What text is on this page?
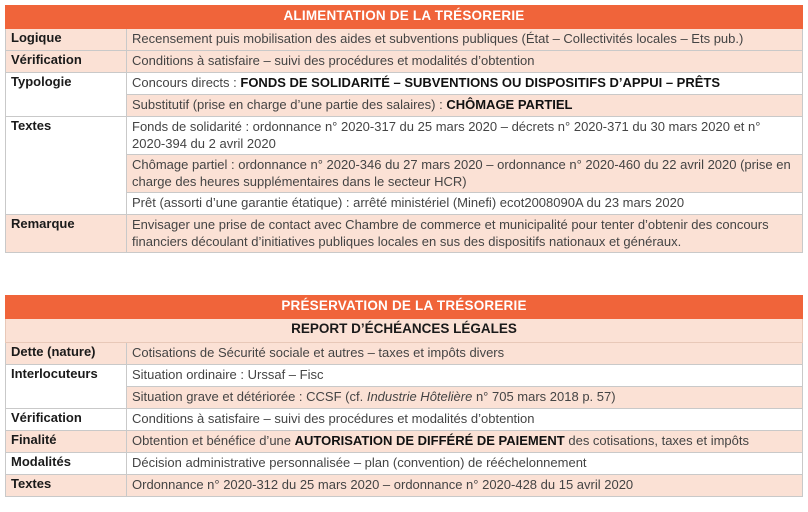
ALIMENTATION DE LA TRÉSORERIE	
Logique	Recensement puis mobilisation des aides et subventions publiques (État – Collectivités locales – Ets pub.)
Vérification	Conditions à satisfaire – suivi des procédures et modalités d’obtention
Typologie	Concours directs : FONDS DE SOLIDARITÉ – SUBVENTIONS OU DISPOSITIFS D’APPUI – PRÊTS
	Substitutif (prise en charge d’une partie des salaires) : CHÔMAGE PARTIEL
Textes	Fonds de solidarité : ordonnance n° 2020-317 du 25 mars 2020 – décrets n° 2020-371 du 30 mars 2020 et n° 2020-394 du 2 avril 2020
	Chômage partiel : ordonnance n° 2020-346 du 27 mars 2020 – ordonnance n° 2020-460 du 22 avril 2020 (prise en charge des heures supplémentaires dans le secteur HCR)
	Prêt (assorti d’une garantie étatique) : arrêté ministériel (Minefi) ecot2008090A du 23 mars 2020
Remarque	Envisager une prise de contact avec Chambre de commerce et municipalité pour tenter d’obtenir des concours financiers découlant d’initiatives publiques locales en sus des dispositifs nationaux et généraux.
PRÉSERVATION DE LA TRÉSORERIE	
REPORT D’ÉCHÉANCES LÉGALES	
Dette (nature)	Cotisations de Sécurité sociale et autres – taxes et impôts divers
Interlocuteurs	Situation ordinaire : Urssaf – Fisc
	Situation grave et détériorée : CCSF (cf. Industrie Hôtelière n° 705 mars 2018 p. 57)
Vérification	Conditions à satisfaire – suivi des procédures et modalités d’obtention
Finalité	Obtention et bénéfice d’une AUTORISATION DE DIFFÉRÉ DE PAIEMENT des cotisations, taxes et impôts
Modalités	Décision administrative personnalisée – plan (convention) de rééchelonnement
Textes	Ordonnance n° 2020-312 du 25 mars 2020 – ordonnance n° 2020-428 du 15 avril 2020
